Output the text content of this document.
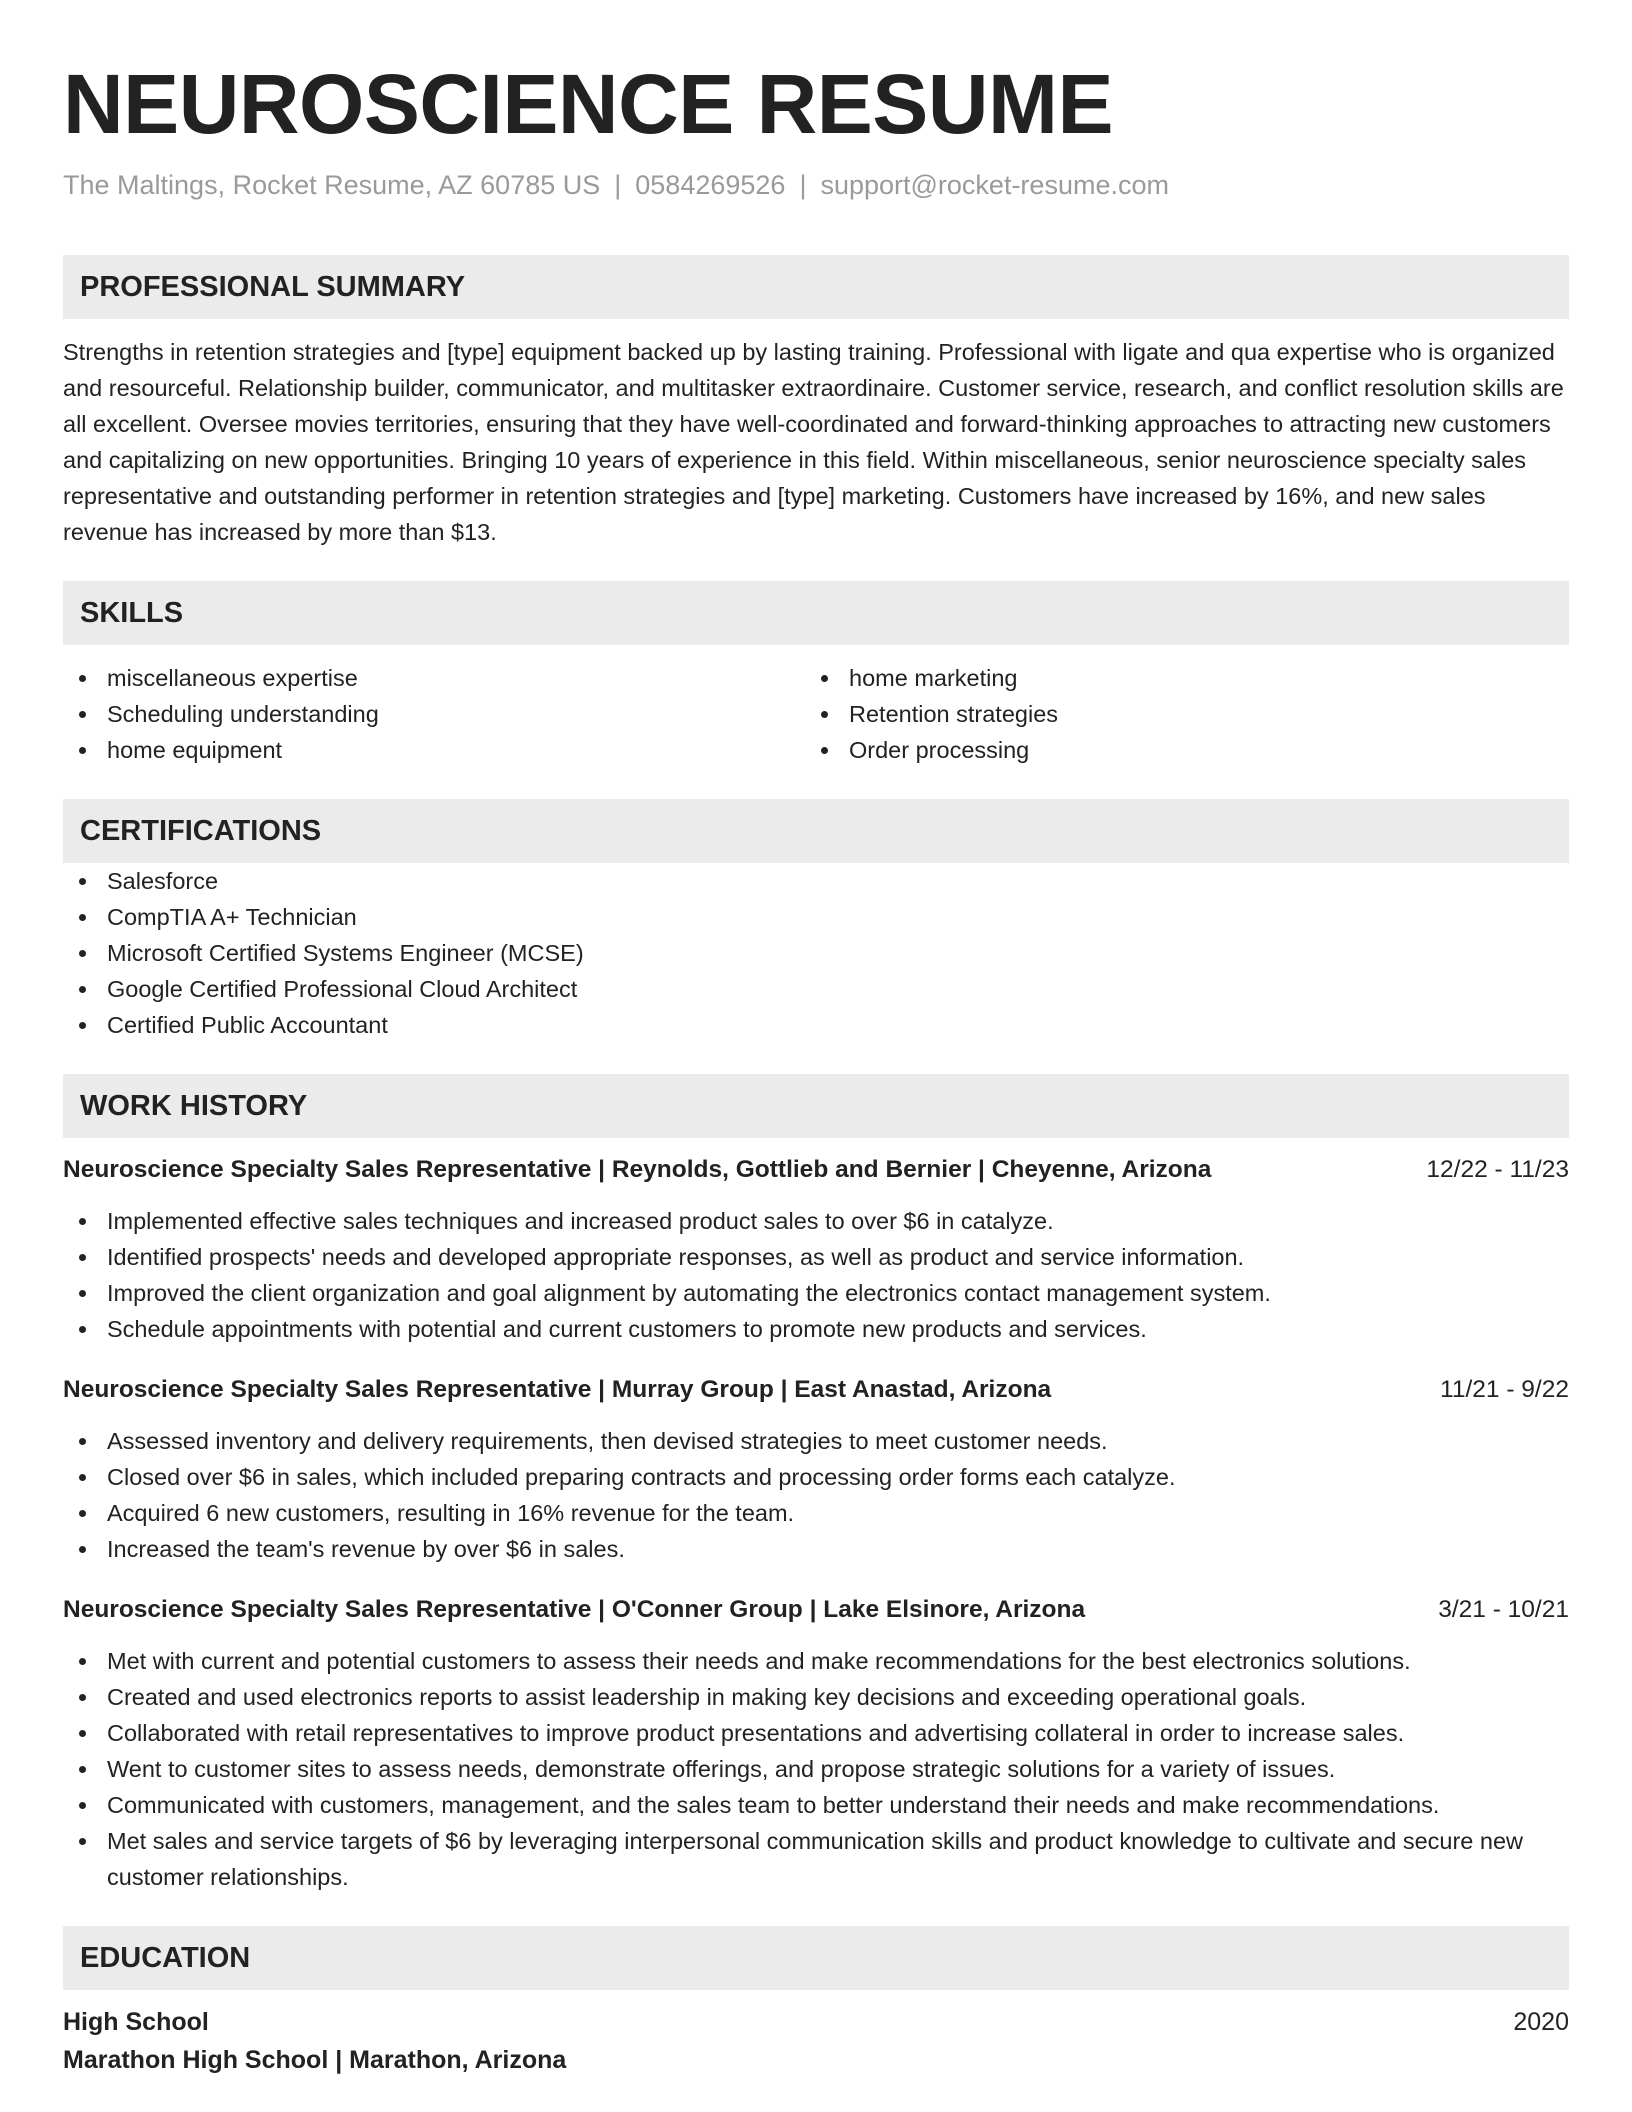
NEUROSCIENCE RESUME
The Maltings, Rocket Resume, AZ 60785 US | 0584269526 | support@rocket-resume.com
PROFESSIONAL SUMMARY

Strengths in retention strategies and [type] equipment backed up by lasting training. Professional with ligate and qua expertise who is organized and resourceful. Relationship builder, communicator, and multitasker extraordinaire. Customer service, research, and conflict resolution skills are all excellent. Oversee movies territories, ensuring that they have well-coordinated and forward-thinking approaches to attracting new customers and capitalizing on new opportunities. Bringing 10 years of experience in this field. Within miscellaneous, senior neuroscience specialty sales representative and outstanding performer in retention strategies and [type] marketing. Customers have increased by 16%, and new sales revenue has increased by more than $13.

SKILLS
miscellaneous expertise
Scheduling understanding
home equipment
home marketing
Retention strategies
Order processing
CERTIFICATIONS
Salesforce
CompTIA A+ Technician
Microsoft Certified Systems Engineer (MCSE)
Google Certified Professional Cloud Architect
Certified Public Accountant
WORK HISTORY
Neuroscience Specialty Sales Representative | Reynolds, Gottlieb and Bernier | Cheyenne, Arizona	12/22 - 11/23
Implemented effective sales techniques and increased product sales to over $6 in catalyze.
Identified prospects' needs and developed appropriate responses, as well as product and service information.
Improved the client organization and goal alignment by automating the electronics contact management system.
Schedule appointments with potential and current customers to promote new products and services.
Neuroscience Specialty Sales Representative | Murray Group | East Anastad, Arizona	11/21 - 9/22
Assessed inventory and delivery requirements, then devised strategies to meet customer needs.
Closed over $6 in sales, which included preparing contracts and processing order forms each catalyze.
Acquired 6 new customers, resulting in 16% revenue for the team.
Increased the team's revenue by over $6 in sales.
Neuroscience Specialty Sales Representative | O'Conner Group | Lake Elsinore, Arizona	3/21 - 10/21
Met with current and potential customers to assess their needs and make recommendations for the best electronics solutions.
Created and used electronics reports to assist leadership in making key decisions and exceeding operational goals.
Collaborated with retail representatives to improve product presentations and advertising collateral in order to increase sales.
Went to customer sites to assess needs, demonstrate offerings, and propose strategic solutions for a variety of issues.
Communicated with customers, management, and the sales team to better understand their needs and make recommendations.
Met sales and service targets of $6 by leveraging interpersonal communication skills and product knowledge to cultivate and secure new customer relationships.
EDUCATION
High School	2020
Marathon High School | Marathon, Arizona
